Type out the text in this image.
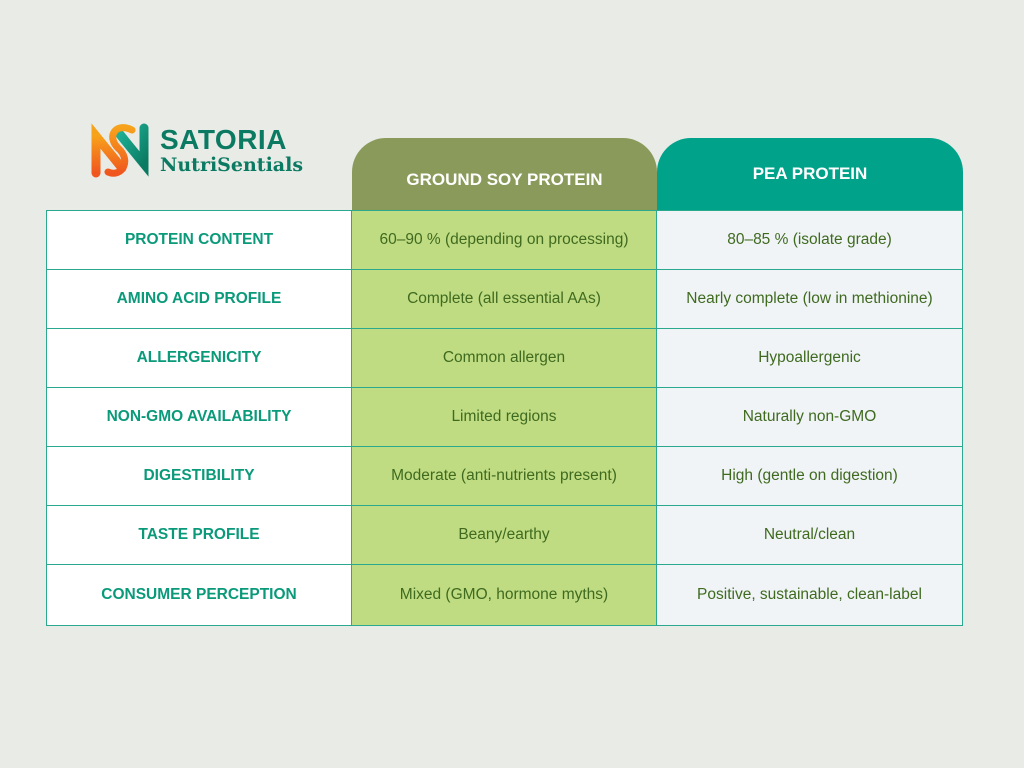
SATORIA
NutriSentials
GROUND SOY PROTEIN	PEA PROTEIN
PROTEIN CONTENT	60–90 % (depending on processing)	80–85 % (isolate grade)
AMINO ACID PROFILE	Complete (all essential AAs)	Nearly complete (low in methionine)
ALLERGENICITY	Common allergen	Hypoallergenic
NON-GMO AVAILABILITY	Limited regions	Naturally non-GMO
DIGESTIBILITY	Moderate (anti-nutrients present)	High (gentle on digestion)
TASTE PROFILE	Beany/earthy	Neutral/clean
CONSUMER PERCEPTION	Mixed (GMO, hormone myths)	Positive, sustainable, clean-label
